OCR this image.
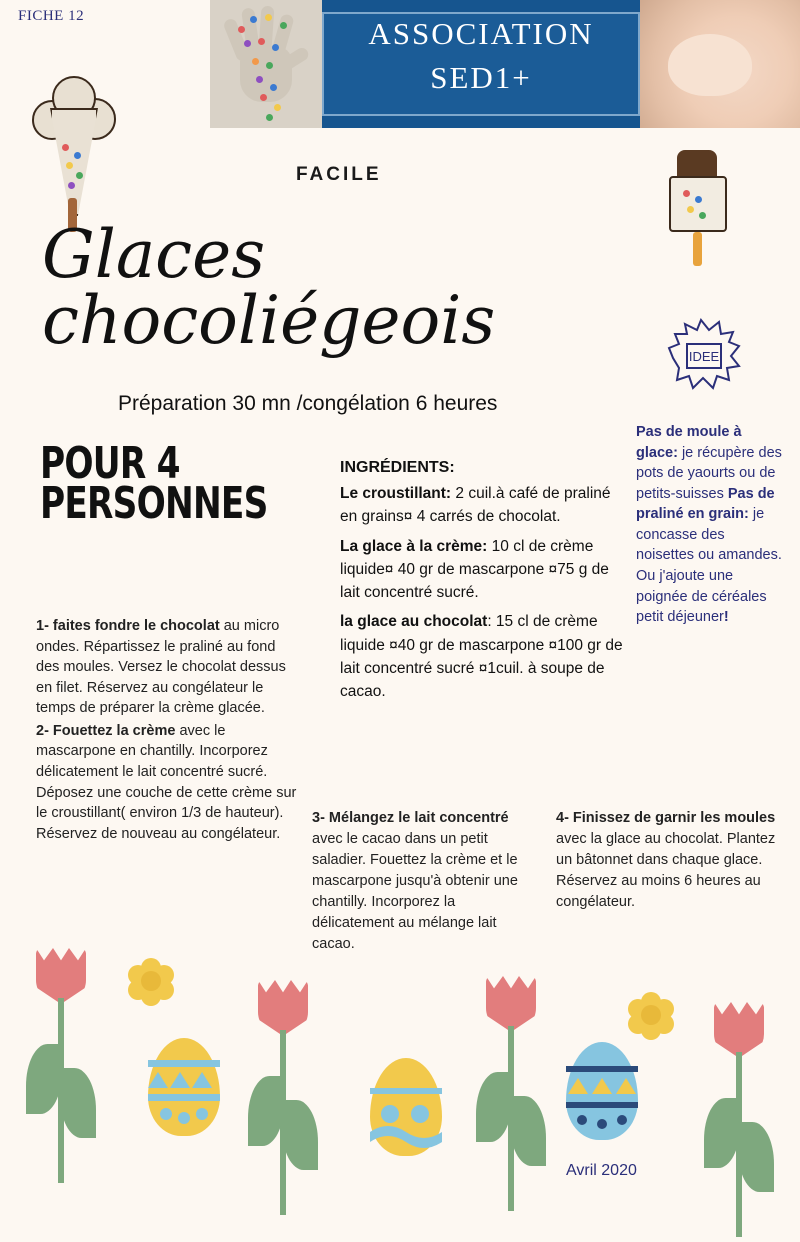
FICHE 12	ASSOCIATION
SED1+
IDEE
FACILE
Glaces chocoliégeois
Préparation 30 mn /congélation 6 heures
POUR 4 PERSONNES
INGRÉDIENTS:

Le croustillant: 2 cuil.à café de praliné en grains¤ 4 carrés de chocolat.

La glace à la crème: 10 cl de crème liquide¤ 40 gr de mascarpone ¤75 g de lait concentré sucré.

la glace au chocolat: 15 cl de crème liquide ¤40 gr de mascarpone ¤100 gr de lait concentré sucré ¤1cuil. à soupe de cacao.

Pas de moule à glace: je récupère des pots de yaourts ou de petits-suisses Pas de praliné en grain: je concasse des noisettes ou amandes. Ou j'ajoute une poignée de céréales petit déjeuner!

1- faites fondre le chocolat au micro ondes. Répartissez le praliné au fond des moules. Versez le chocolat dessus en filet. Réservez au congélateur le temps de préparer la crème glacée.

2- Fouettez la crème avec le mascarpone en chantilly. Incorporez délicatement le lait concentré sucré. Déposez une couche de cette crème sur le croustillant( environ 1/3 de hauteur). Réservez de nouveau au congélateur.

3- Mélangez le lait concentré avec le cacao dans un petit saladier. Fouettez la crème et le mascarpone jusqu'à obtenir une chantilly. Incorporez la délicatement au mélange lait cacao.
4- Finissez de garnir les moules avec la glace au chocolat. Plantez un bâtonnet dans chaque glace. Réservez au moins 6 heures au congélateur.
Avril 2020
